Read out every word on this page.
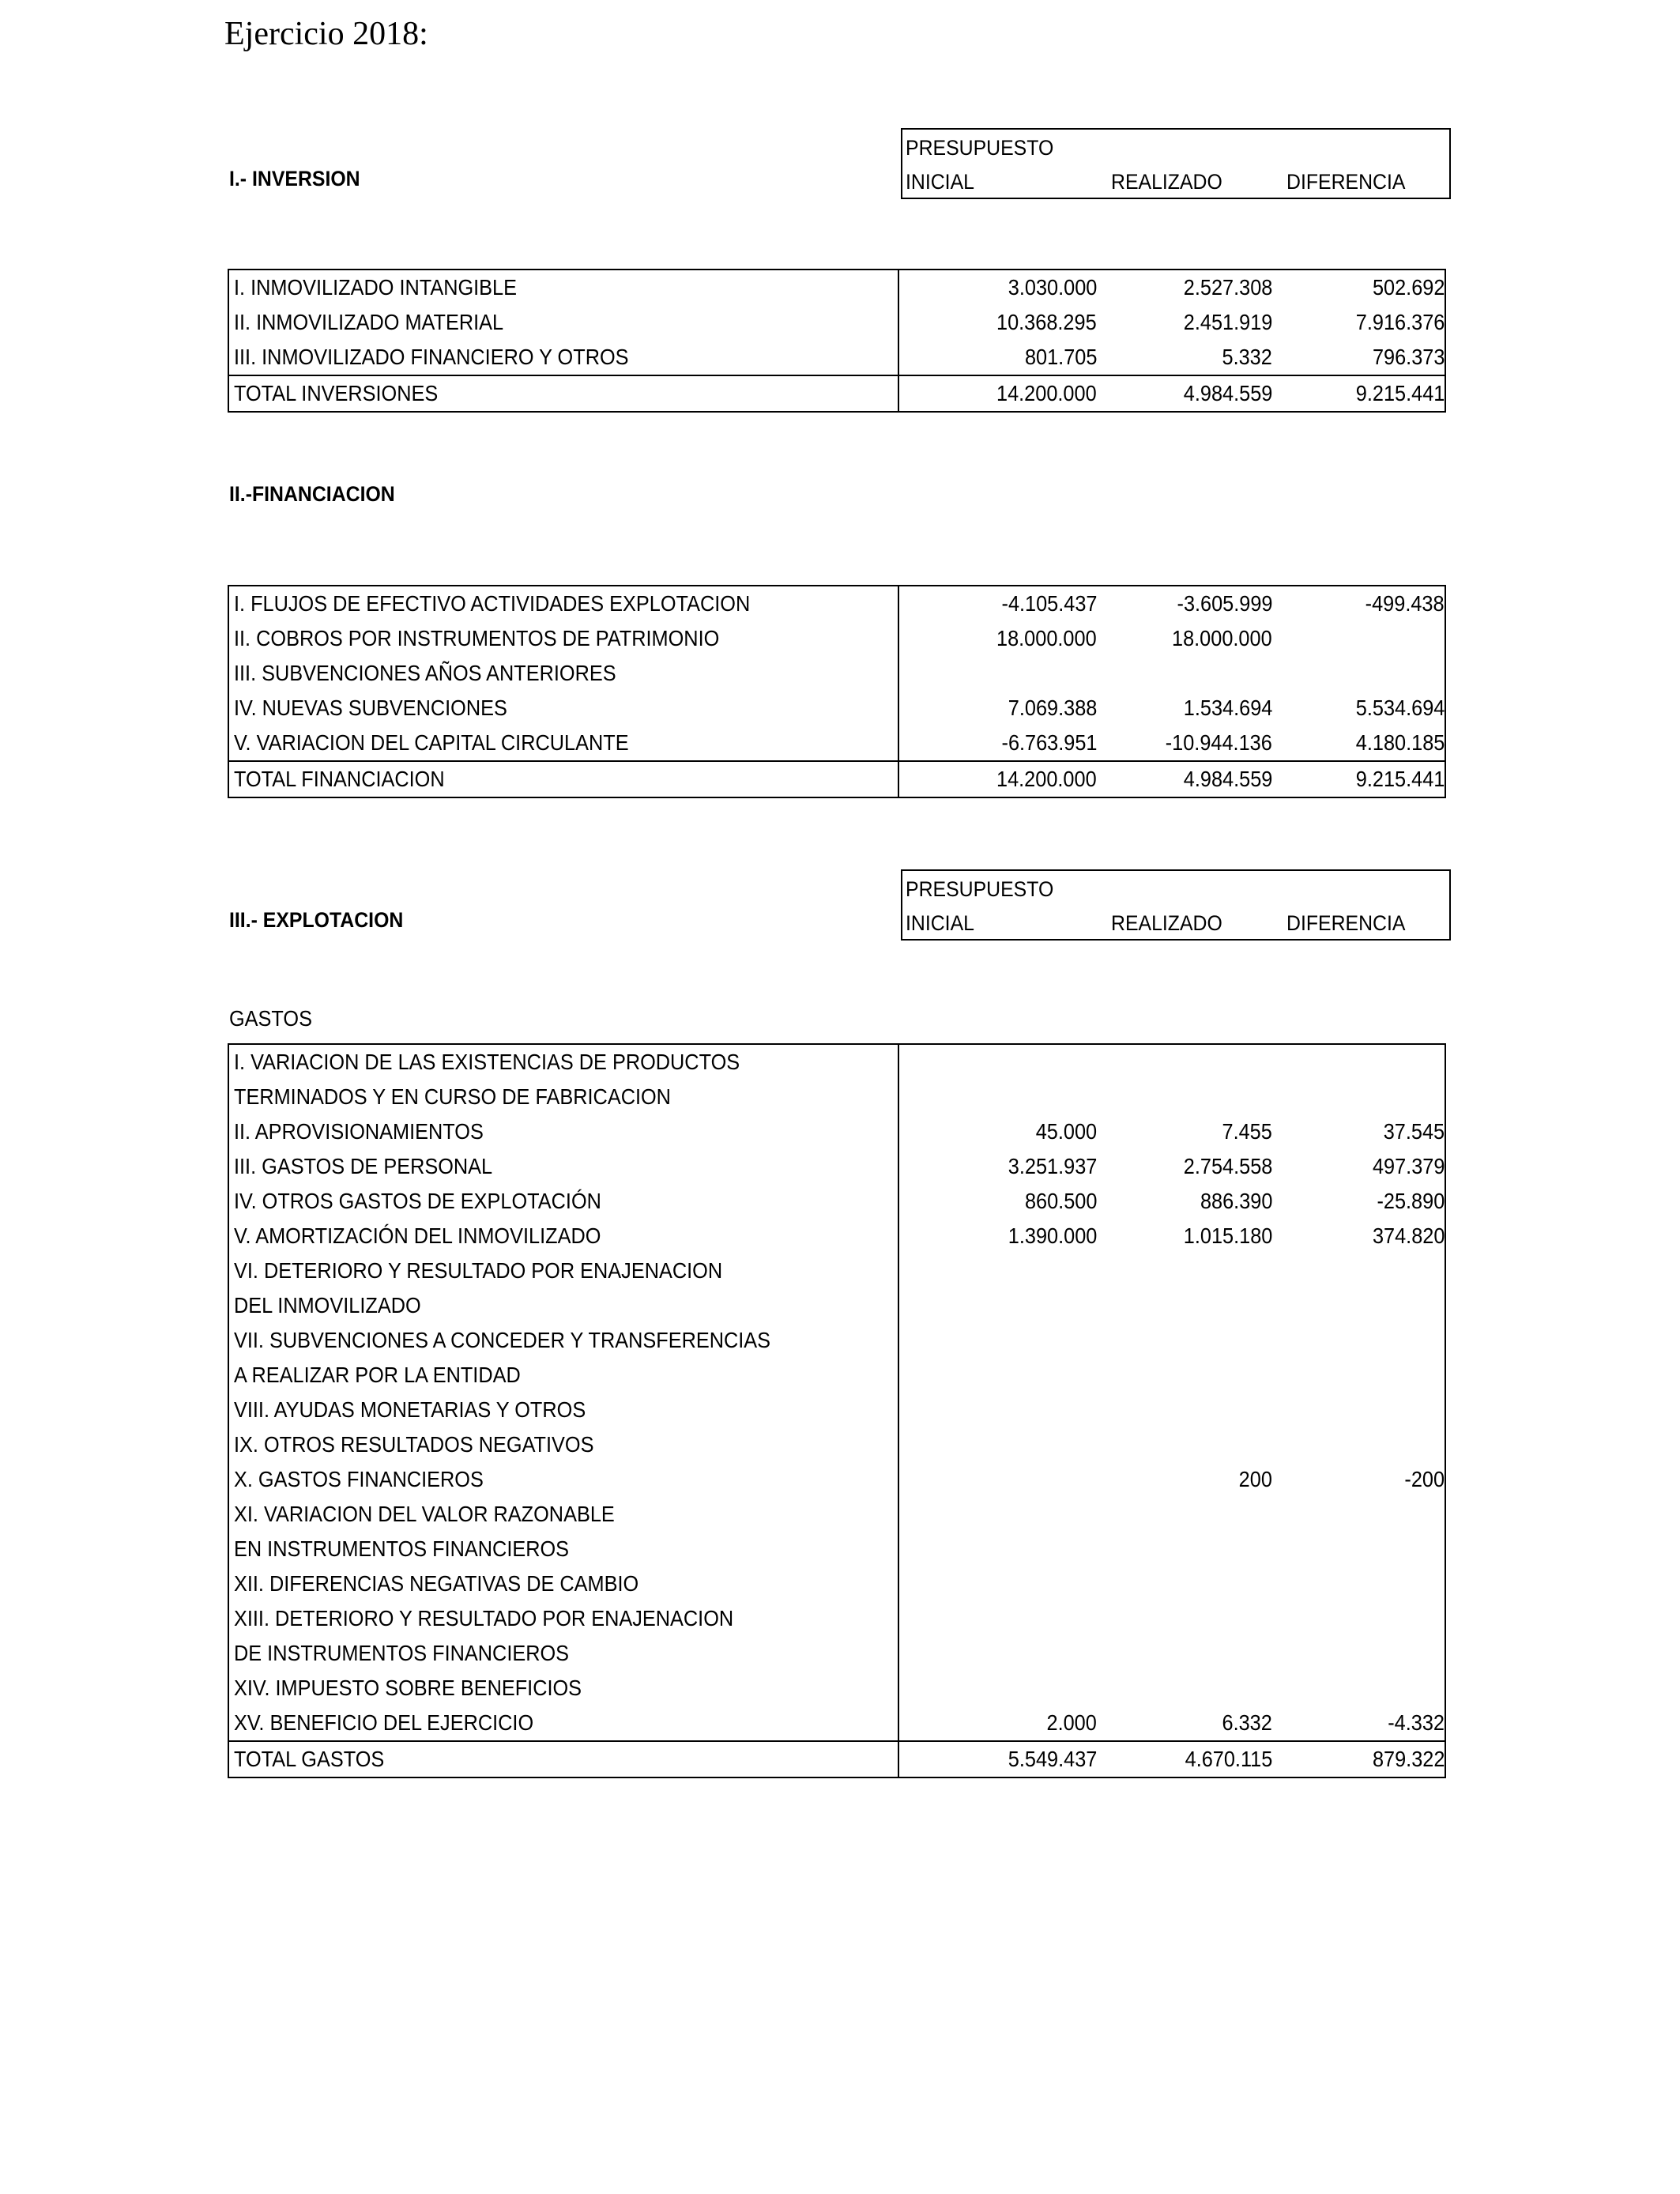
Ejercicio 2018:
I.- INVERSION
PRESUPUESTO
INICIAL	REALIZADO	DIFERENCIA
I. INMOVILIZADO INTANGIBLE	3.030.000	2.527.308	502.692
II. INMOVILIZADO MATERIAL	10.368.295	2.451.919	7.916.376
III. INMOVILIZADO FINANCIERO Y OTROS	801.705	5.332	796.373
TOTAL INVERSIONES	14.200.000	4.984.559	9.215.441
II.-FINANCIACION
I. FLUJOS DE EFECTIVO ACTIVIDADES EXPLOTACION	-4.105.437	-3.605.999	-499.438
II. COBROS POR INSTRUMENTOS DE PATRIMONIO	18.000.000	18.000.000	
III. SUBVENCIONES AÑOS ANTERIORES			
IV. NUEVAS SUBVENCIONES	7.069.388	1.534.694	5.534.694
V. VARIACION DEL CAPITAL CIRCULANTE	-6.763.951	-10.944.136	4.180.185
TOTAL FINANCIACION	14.200.000	4.984.559	9.215.441
III.- EXPLOTACION
PRESUPUESTO
INICIAL	REALIZADO	DIFERENCIA
GASTOS
I. VARIACION DE LAS EXISTENCIAS DE PRODUCTOS			
TERMINADOS Y EN CURSO DE FABRICACION			
II. APROVISIONAMIENTOS	45.000	7.455	37.545
III. GASTOS DE PERSONAL	3.251.937	2.754.558	497.379
IV. OTROS GASTOS DE EXPLOTACIÓN	860.500	886.390	-25.890
V. AMORTIZACIÓN DEL INMOVILIZADO	1.390.000	1.015.180	374.820
VI. DETERIORO Y RESULTADO POR ENAJENACION			
DEL INMOVILIZADO			
VII. SUBVENCIONES A CONCEDER Y TRANSFERENCIAS			
A REALIZAR POR LA ENTIDAD			
VIII. AYUDAS MONETARIAS Y OTROS			
IX. OTROS RESULTADOS NEGATIVOS			
X. GASTOS FINANCIEROS		200	-200
XI. VARIACION DEL VALOR RAZONABLE			
EN INSTRUMENTOS FINANCIEROS			
XII. DIFERENCIAS NEGATIVAS DE CAMBIO			
XIII. DETERIORO Y RESULTADO POR ENAJENACION			
DE INSTRUMENTOS FINANCIEROS			
XIV. IMPUESTO SOBRE BENEFICIOS			
XV. BENEFICIO DEL EJERCICIO	2.000	6.332	-4.332
TOTAL GASTOS	5.549.437	4.670.115	879.322
